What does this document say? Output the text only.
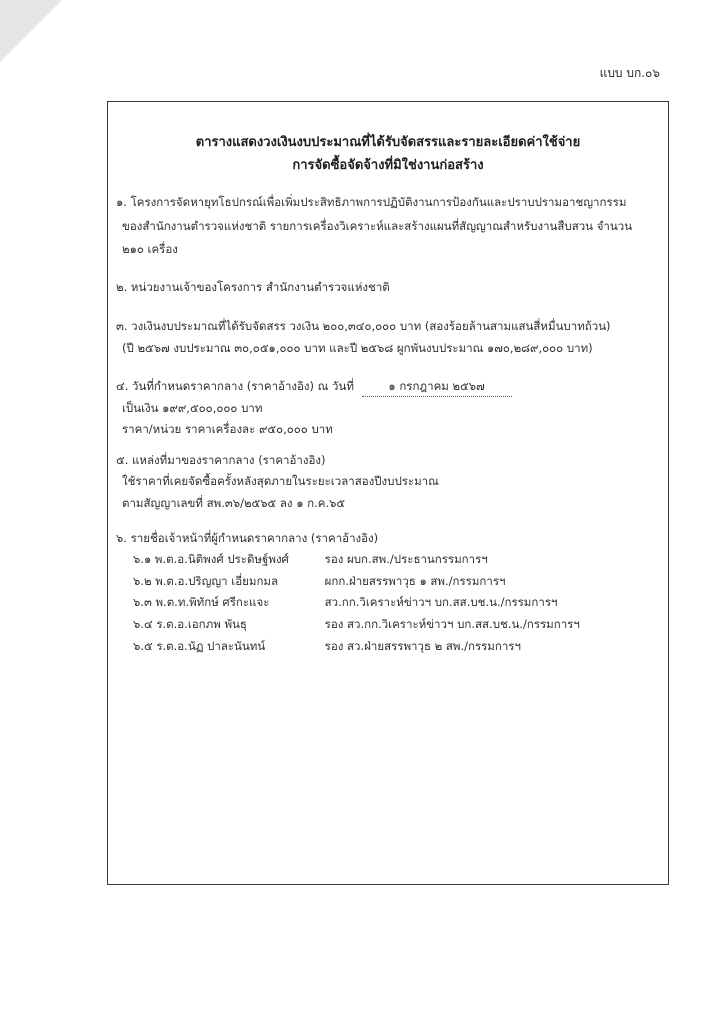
แบบ บก.๐๖
ตารางแสดงวงเงินงบประมาณที่ได้รับจัดสรรและรายละเอียดค่าใช้จ่าย
การจัดซื้อจัดจ้างที่มิใช่งานก่อสร้าง
๑. โครงการจัดหายุทโธปกรณ์เพื่อเพิ่มประสิทธิภาพการปฏิบัติงานการป้องกันและปราบปรามอาชญากรรม
ของสำนักงานตำรวจแห่งชาติ รายการเครื่องวิเคราะห์และสร้างแผนที่สัญญาณสำหรับงานสืบสวน จำนวน
๒๑๐ เครื่อง
๒. หน่วยงานเจ้าของโครงการ สำนักงานตำรวจแห่งชาติ
๓. วงเงินงบประมาณที่ได้รับจัดสรร วงเงิน ๒๐๐,๓๔๐,๐๐๐ บาท (สองร้อยล้านสามแสนสี่หมื่นบาทถ้วน)
(ปี ๒๕๖๗ งบประมาณ ๓๐,๐๕๑,๐๐๐ บาท และปี ๒๕๖๘ ผูกพันงบประมาณ ๑๗๐,๒๘๙,๐๐๐ บาท)
๔. วันที่กำหนดราคากลาง (ราคาอ้างอิง) ณ วันที่	๑ กรกฎาคม ๒๕๖๗
เป็นเงิน ๑๙๙,๕๐๐,๐๐๐ บาท
ราคา/หน่วย ราคาเครื่องละ ๙๕๐,๐๐๐ บาท
๕. แหล่งที่มาของราคากลาง (ราคาอ้างอิง)
ใช้ราคาที่เคยจัดซื้อครั้งหลังสุดภายในระยะเวลาสองปีงบประมาณ
ตามสัญญาเลขที่ สพ.๓๖/๒๕๖๕ ลง ๑ ก.ค.๖๕
๖. รายชื่อเจ้าหน้าที่ผู้กำหนดราคากลาง (ราคาอ้างอิง)
๖.๑ พ.ต.อ.นิติพงศ์ ประดิษฐ์พงศ์	รอง ผบก.สพ./ประธานกรรมการฯ
๖.๒ พ.ต.อ.ปริญญา เอี่ยมกมล	ผกก.ฝ่ายสรรพาวุธ ๑ สพ./กรรมการฯ
๖.๓ พ.ต.ท.พิทักษ์ ศรีกะแจะ	สว.กก.วิเคราะห์ข่าวฯ บก.สส.บช.น./กรรมการฯ
๖.๔ ร.ต.อ.เอกภพ พันธุ	รอง สว.กก.วิเคราะห์ข่าวฯ บก.สส.บช.น./กรรมการฯ
๖.๕ ร.ต.อ.นัฏ ปาละนันทน์	รอง สว.ฝ่ายสรรพาวุธ ๒ สพ./กรรมการฯ
